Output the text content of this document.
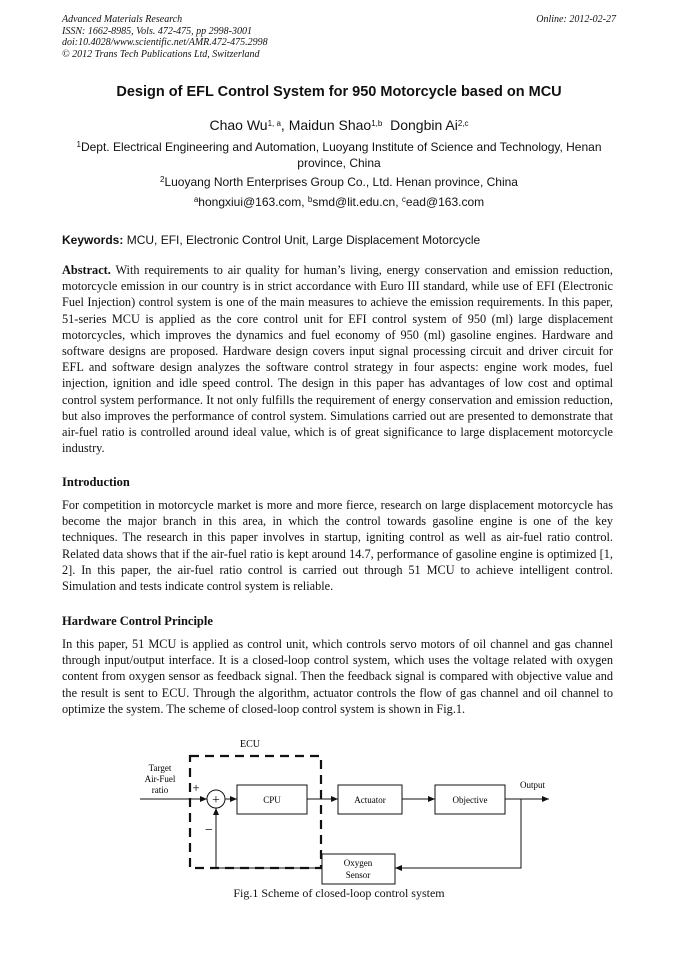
Advanced Materials Research
ISSN: 1662-8985, Vols. 472-475, pp 2998-3001
doi:10.4028/www.scientific.net/AMR.472-475.2998
© 2012 Trans Tech Publications Ltd, Switzerland
Online: 2012-02-27
Design of EFL Control System for 950 Motorcycle based on MCU
Chao Wu$^{1, a}$, Maidun Shao$^{1,b}$ Dongbin Ai$^{2,c}$
$^1$Dept. Electrical Engineering and Automation, Luoyang Institute of Science and Technology, Henan province, China
$^2$Luoyang North Enterprises Group Co., Ltd. Henan province, China
$^a$hongxiui@163.com, $^b$smd@lit.edu.cn, $^c$ead@163.com
Keywords: MCU, EFI, Electronic Control Unit, Large Displacement Motorcycle
Abstract. With requirements to air quality for human’s living, energy conservation and emission reduction, motorcycle emission in our country is in strict accordance with Euro III standard, while use of EFI (Electronic Fuel Injection) control system is one of the main measures to achieve the emission requirements. In this paper, 51-series MCU is applied as the core control unit for EFI control system of 950 (ml) large displacement motorcycles, which improves the dynamics and fuel economy of 950 (ml) gasoline engines. Hardware and software designs are proposed. Hardware design covers input signal processing circuit and driver circuit for EFL and software design analyzes the software control strategy in four aspects: engine work modes, fuel injection, ignition and idle speed control. The design in this paper has advantages of low cost and optimal control system performance. It not only fulfills the requirement of energy conservation and emission reduction, but also improves the performance of control system. Simulations carried out are presented to demonstrate that air-fuel ratio is controlled around ideal value, which is of great significance to large displacement motorcycle industry.
Introduction
For competition in motorcycle market is more and more fierce, research on large displacement motorcycle has become the major branch in this area, in which the control towards gasoline engine is one of the key techniques. The research in this paper involves in startup, igniting control as well as air-fuel ratio control. Related data shows that if the air-fuel ratio is kept around 14.7, performance of gasoline engine is optimized [1, 2]. In this paper, the air-fuel ratio control is carried out through 51 MCU to achieve intelligent control. Simulation and tests indicate control system is reliable.
Hardware Control Principle
In this paper, 51 MCU is applied as control unit, which controls servo motors of oil channel and gas channel through input/output interface. It is a closed-loop control system, which uses the voltage related with oxygen content from oxygen sensor as feedback signal. Then the feedback signal is compared with objective value and the result is sent to ECU. Through the algorithm, actuator controls the flow of gas channel and oil channel to optimize the system. The scheme of closed-loop control system is shown in Fig.1.
ECU
Target
Air-Fuel
ratio +
+
−
CPU	Actuator	Objective
Output
Oxygen
Sensor
Fig.1 Scheme of closed-loop control system
